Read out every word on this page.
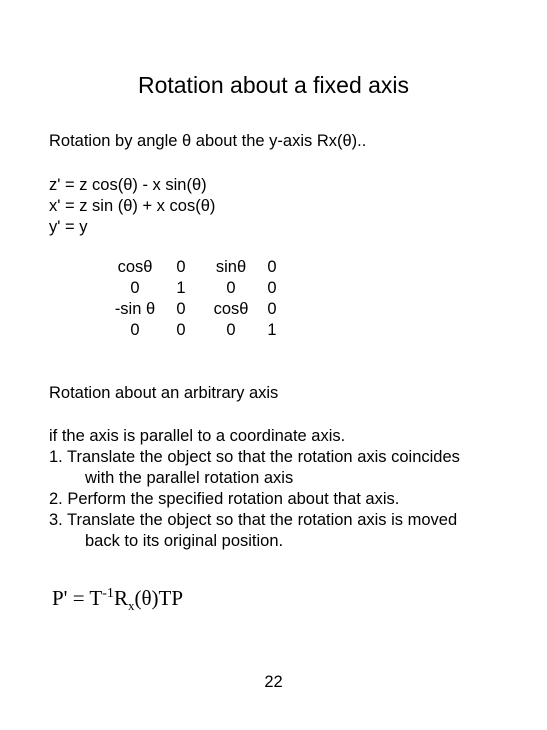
Rotation about a fixed axis
Rotation by angle θ about the y-axis Rx(θ)..
z' = z cos(θ) - x sin(θ)
x' = z sin (θ) + x cos(θ)
y' = y
cosθ	0	sinθ	0
0	1	0	0
-sin θ	0	cosθ	0
0	0	0	1
Rotation about an arbitrary axis
if the axis is parallel to a coordinate axis.
1. Translate the object so that the rotation axis coincides
with the parallel rotation axis
2. Perform the specified rotation about that axis.
3. Translate the object so that the rotation axis is moved
back to its original position.
$P' = T^{-1}R_x(\theta)TP$
22
